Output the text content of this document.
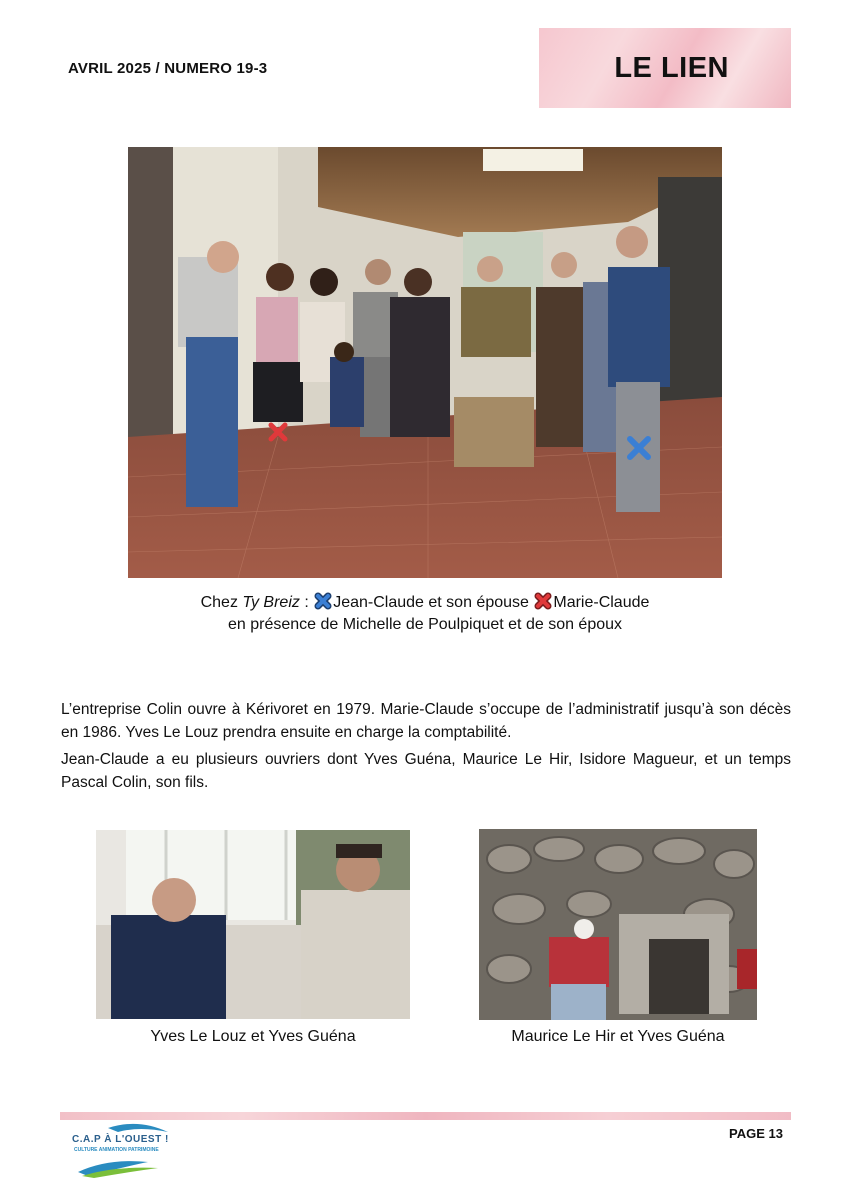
AVRIL 2025 / NUMERO 19-3	LE LIEN
Chez Ty Breiz :
Jean-Claude et son épouse
Marie-Claude
en présence de Michelle de Poulpiquet et de son époux

L’entreprise Colin ouvre à Kérivoret en 1979. Marie-Claude s’occupe de l’administratif jusqu’à son décès en 1986. Yves Le Louz prendra ensuite en charge la comptabilité.

Jean-Claude a eu plusieurs ouvriers dont Yves Guéna, Maurice Le Hir, Isidore Magueur, et un temps Pascal Colin, son fils.

Yves Le Louz et Yves Guéna	Maurice Le Hir et Yves Guéna
C.A.P À L'OUEST !
CULTURE ANIMATION PATRIMOINE
PAGE 13
